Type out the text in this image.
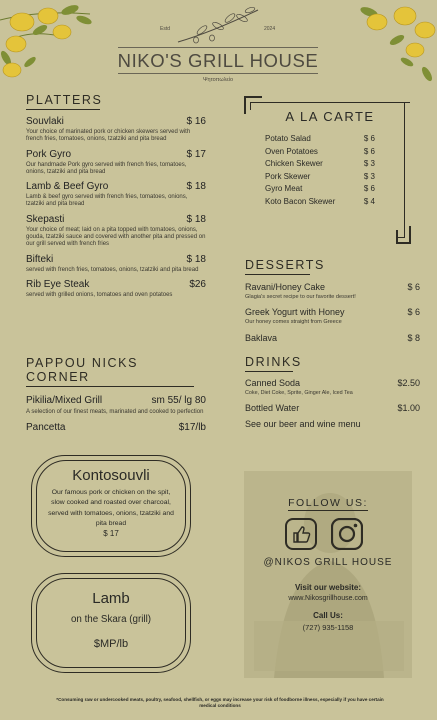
Estd	2024
NIKO'S GRILL HOUSE
Ψητοπωλείο
PLATTERS
Souvlaki	$ 16
Your choice of marinated pork or chicken skewers served with french fries, tomatoes, onions, tzatziki and pita bread
Pork Gyro	$ 17
Our handmade Pork gyro served with french fries, tomatoes, onions, tzatziki and pita bread
Lamb & Beef Gyro	$ 18
Lamb & beef gyro served with french fries, tomatoes, onions, tzatziki and pita bread
Skepasti	$ 18
Your choice of meat; laid on a pita topped with tomatoes, onions, gouda, tzatziki sauce and covered with another pita and pressed on our grill served with french fries
Bifteki	$ 18
served with french fries, tomatoes, onions, tzatziki and pita bread
Rib Eye Steak	$26
served with grilled onions, tomatoes and oven potatoes
A LA CARTE
Potato Salad	$ 6
Oven Potatoes	$ 6
Chicken Skewer	$ 3
Pork Skewer	$ 3
Gyro Meat	$ 6
Koto Bacon Skewer	$ 4
DESSERTS
Ravani/Honey Cake	$ 6
Glagia's secret recipe to our favorite dessert!
Greek Yogurt with Honey	$ 6
Our honey comes straight from Greece
Baklava	$ 8
DRINKS
Canned Soda	$2.50
Coke, Diet Coke, Sprite, Ginger Ale, Iced Tea
Bottled Water	$1.00
See our beer and wine menu
PAPPOU NICKS CORNER
Pikilia/Mixed Grill	sm 55/ lg 80
A selection of our finest meats, marinated and cooked to perfection
Pancetta	$17/lb
Kontosouvli
Our famous pork or chicken on the spit, slow cooked and roasted over charcoal, served with tomatoes, onions, tzatziki and pita bread
$ 17
Lamb
on the Skara (grill)
$MP/lb
FOLLOW US:
@NIKOS GRILL HOUSE
Visit our website:
www.Nikosgrillhouse.com
Call Us:
(727) 935-1158
*Consuming raw or undercooked meats, poultry, seafood, shellfish, or eggs may increase your risk of foodborne illness, especially if you have certain medical conditions
